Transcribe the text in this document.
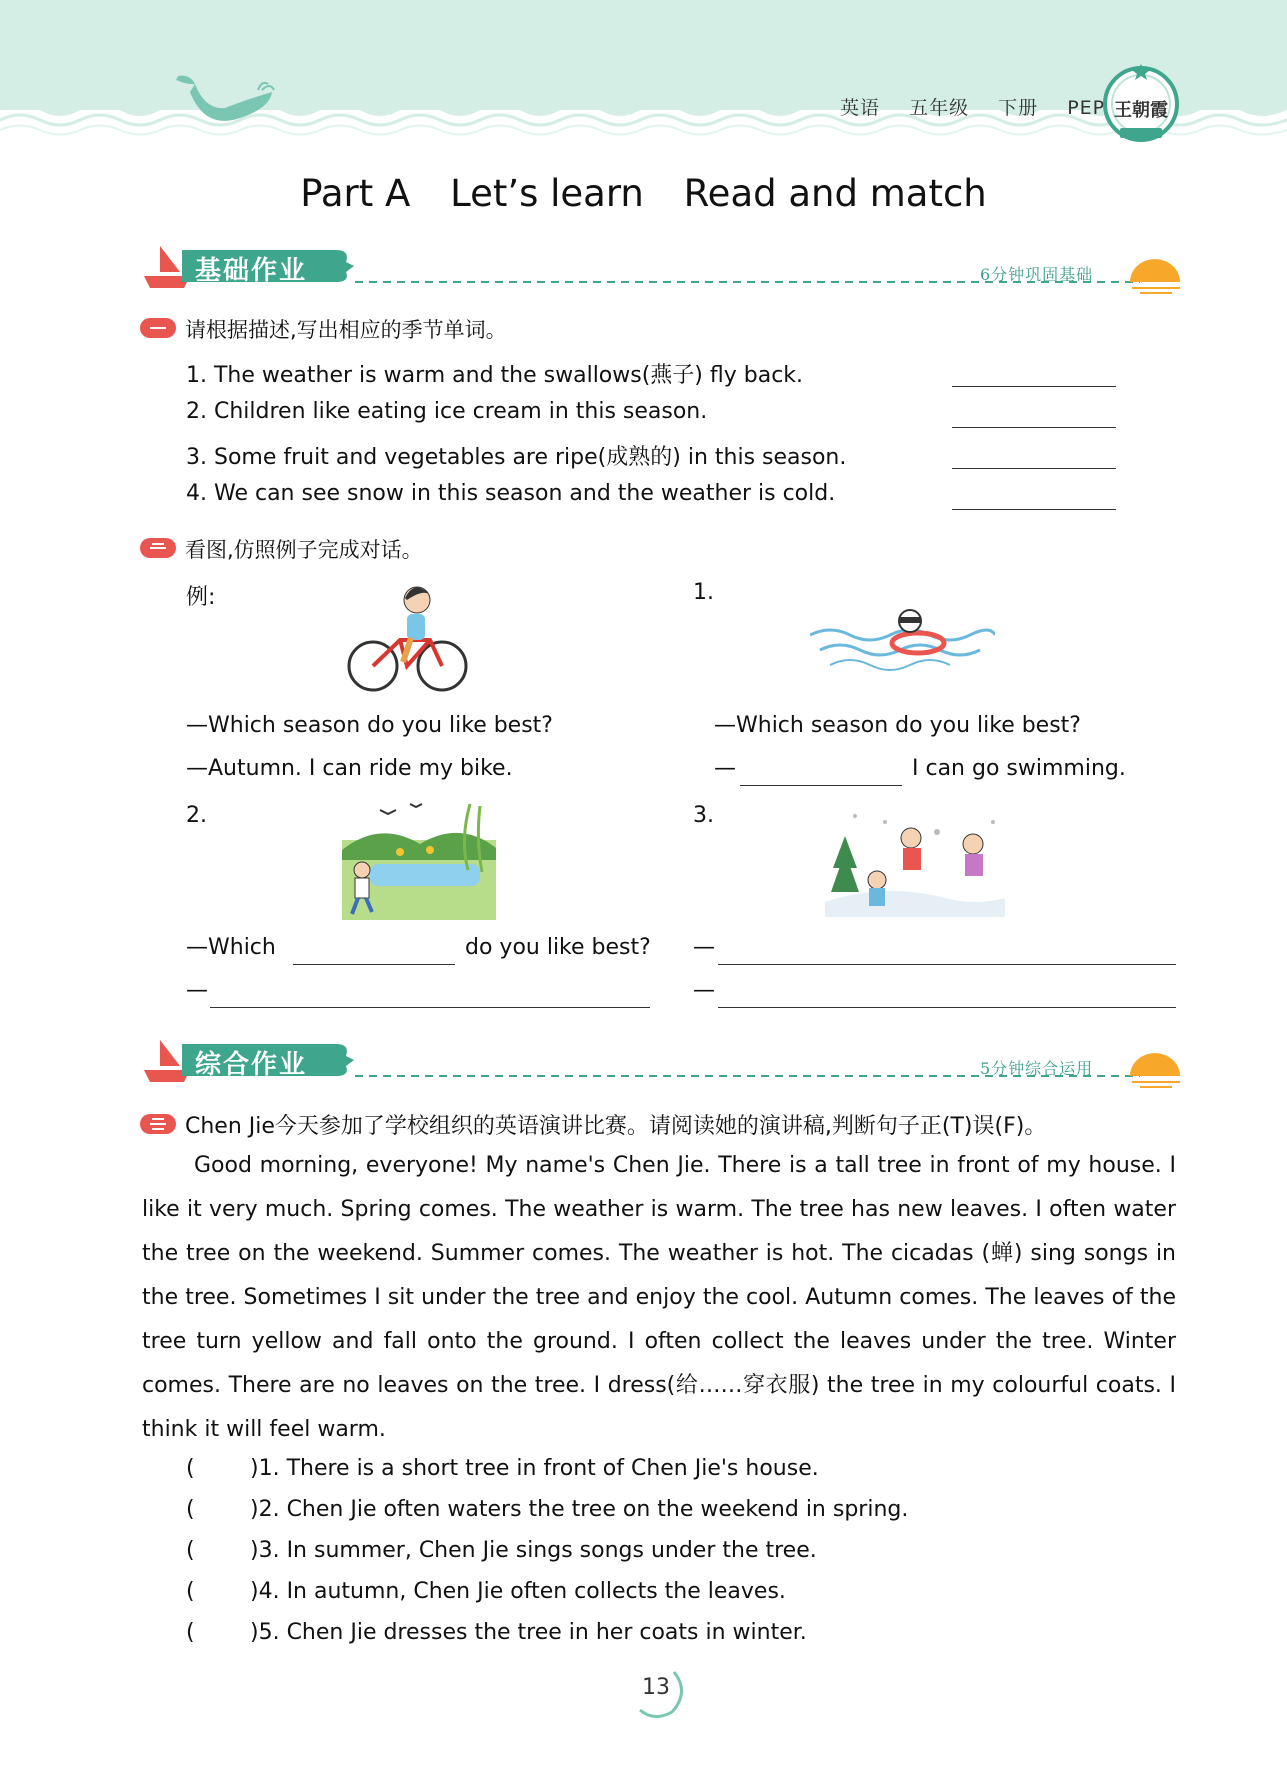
英语 五年级 下册 PEP 王朝霞
Part A Let’s learn Read and match
基础作业	6分钟巩固基础
请根据描述,写出相应的季节单词。
1. The weather is warm and the swallows(燕子) fly back.
2. Children like eating ice cream in this season.
3. Some fruit and vegetables are ripe(成熟的) in this season.
4. We can see snow in this season and the weather is cold.
看图,仿照例子完成对话。
例:	1.
—Which season do you like best?
—Autumn. I can ride my bike.
—Which season do you like best?
—	I can go swimming.
2.	3.
—Which	do you like best?
—
—
—
综合作业	5分钟综合运用
Chen Jie今天参加了学校组织的英语演讲比赛。请阅读她的演讲稿,判断句子正(T)误(F)。
Good morning, everyone! My name's Chen Jie. There is a tall tree in front of my house. I like it very much. Spring comes. The weather is warm. The tree has new leaves. I often water the tree on the weekend. Summer comes. The weather is hot. The cicadas (蝉) sing songs in the tree. Sometimes I sit under the tree and enjoy the cool. Autumn comes. The leaves of the tree turn yellow and fall onto the ground. I often collect the leaves under the tree. Winter comes. There are no leaves on the tree. I dress(给……穿衣服) the tree in my colourful coats. I think it will feel warm.
(	)1. There is a short tree in front of Chen Jie's house.
(	)2. Chen Jie often waters the tree on the weekend in spring.
(	)3. In summer, Chen Jie sings songs under the tree.
(	)4. In autumn, Chen Jie often collects the leaves.
(	)5. Chen Jie dresses the tree in her coats in winter.
13
